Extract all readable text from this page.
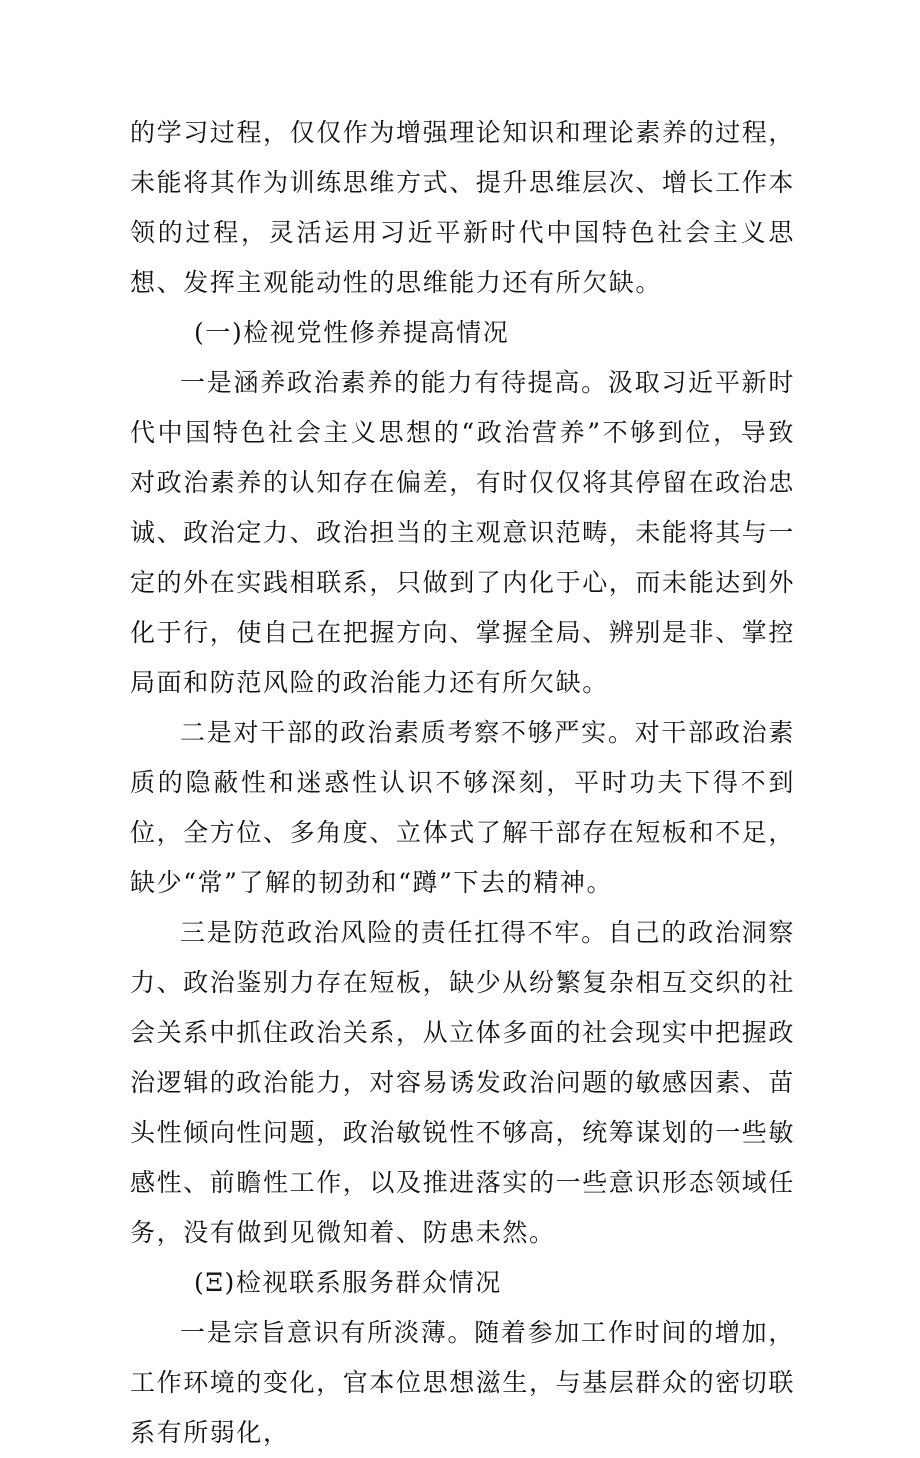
的学习过程，仅仅作为增强理论知识和理论素养的过程，未能将其作为训练思维方式、提升思维层次、增长工作本领的过程，灵活运用习近平新时代中国特色社会主义思想、发挥主观能动性的思维能力还有所欠缺。

(一)检视党性修养提高情况

一是涵养政治素养的能力有待提高。汲取习近平新时代中国特色社会主义思想的“政治营养”不够到位，导致对政治素养的认知存在偏差，有时仅仅将其停留在政治忠诚、政治定力、政治担当的主观意识范畴，未能将其与一定的外在实践相联系，只做到了内化于心，而未能达到外化于行，使自己在把握方向、掌握全局、辨别是非、掌控局面和防范风险的政治能力还有所欠缺。

二是对干部的政治素质考察不够严实。对干部政治素质的隐蔽性和迷惑性认识不够深刻，平时功夫下得不到位，全方位、多角度、立体式了解干部存在短板和不足，缺少“常”了解的韧劲和“蹲”下去的精神。

三是防范政治风险的责任扛得不牢。自己的政治洞察力、政治鉴别力存在短板，缺少从纷繁复杂相互交织的社会关系中抓住政治关系，从立体多面的社会现实中把握政治逻辑的政治能力，对容易诱发政治问题的敏感因素、苗头性倾向性问题，政治敏锐性不够高，统筹谋划的一些敏感性、前瞻性工作，以及推进落实的一些意识形态领域任务，没有做到见微知着、防患未然。

(Ξ)检视联系服务群众情况

一是宗旨意识有所淡薄。随着参加工作时间的增加，工作环境的变化，官本位思想滋生，与基层群众的密切联系有所弱化，
